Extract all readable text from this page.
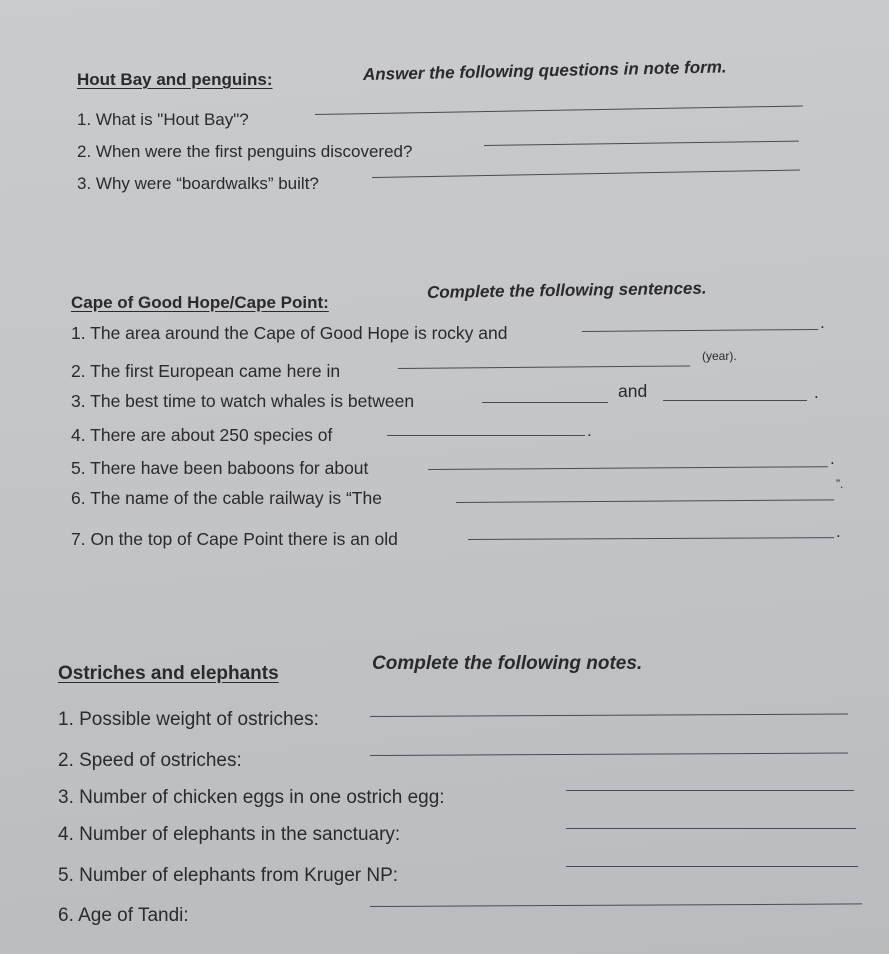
Hout Bay and penguins:	Answer the following questions in note form.
1. What is "Hout Bay"?
2. When were the first penguins discovered?
3. Why were “boardwalks” built?
Cape of Good Hope/Cape Point:
Complete the following sentences.
1. The area around the Cape of Good Hope is rocky and
.
2. The first European came here in
(year).
3. The best time to watch whales is between	and	.
4. There are about 250 species of	.
5. There have been baboons for about	.
6. The name of the cable railway is “The
”.
7. On the top of Cape Point there is an old	.
Ostriches and elephants	Complete the following notes.
1. Possible weight of ostriches:
2. Speed of ostriches:
3. Number of chicken eggs in one ostrich egg:
4. Number of elephants in the sanctuary:
5. Number of elephants from Kruger NP:
6. Age of Tandi:
